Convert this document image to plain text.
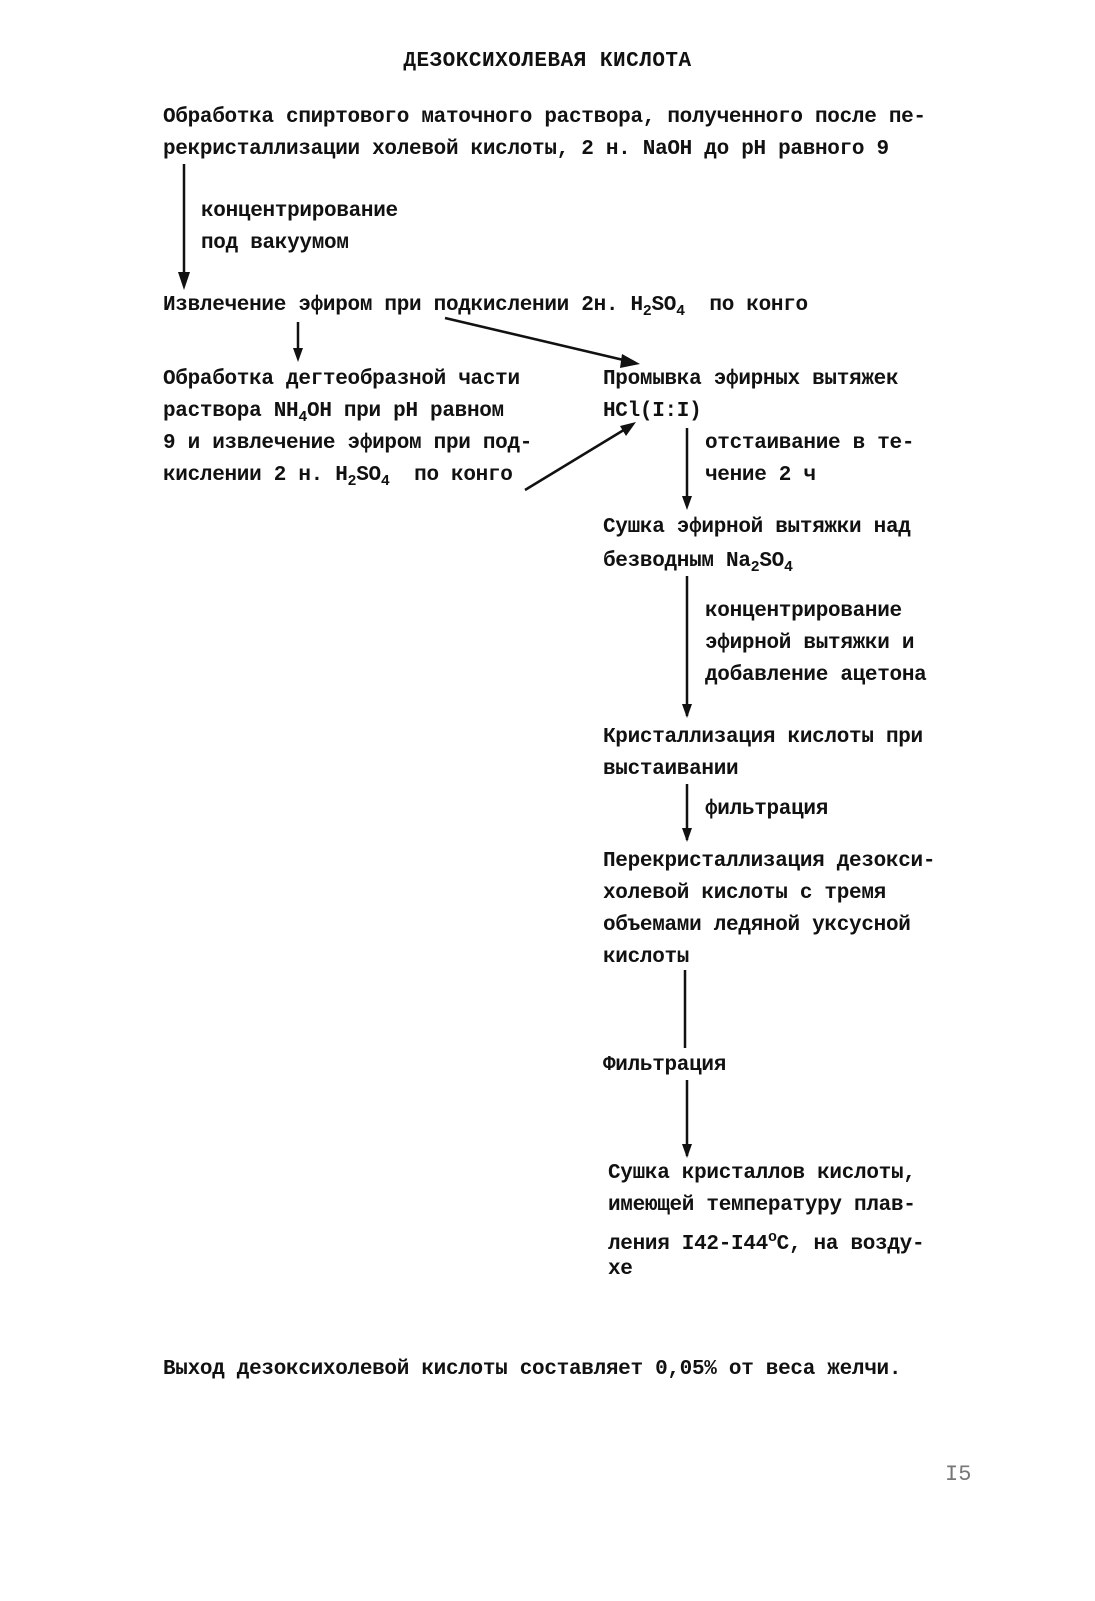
ДЕЗОКСИХОЛЕВАЯ КИСЛОТА
Обработка спиртового маточного раствора, полученного после пе-
рекристаллизации холевой кислоты, 2 н. NaOH до pH равного 9
концентрирование
под вакуумом
Извлечение эфиром при подкислении 2н. $H_2SO_4$  по конго
Обработка дегтеобразной части
раствора $NH_4OH$ при pH равном
9 и извлечение эфиром при под-
кислении 2 н. $H_2SO_4$  по конго
Промывка эфирных вытяжек
HCl(I:I)
отстаивание в те-
чение 2 ч
Сушка эфирной вытяжки над
безводным $Na_2SO_4$
концентрирование
эфирной вытяжки и
добавление ацетона
Кристаллизация кислоты при
выстаивании
фильтрация
Перекристаллизация дезокси-
холевой кислоты с тремя
объемами ледяной уксусной
кислоты
Фильтрация
Сушка кристаллов кислоты,
имеющей температуру плав-
ления $I42-I44^оС$, на возду-
хе
Выход дезоксихолевой кислоты составляет 0,05% от веса желчи.
I5
